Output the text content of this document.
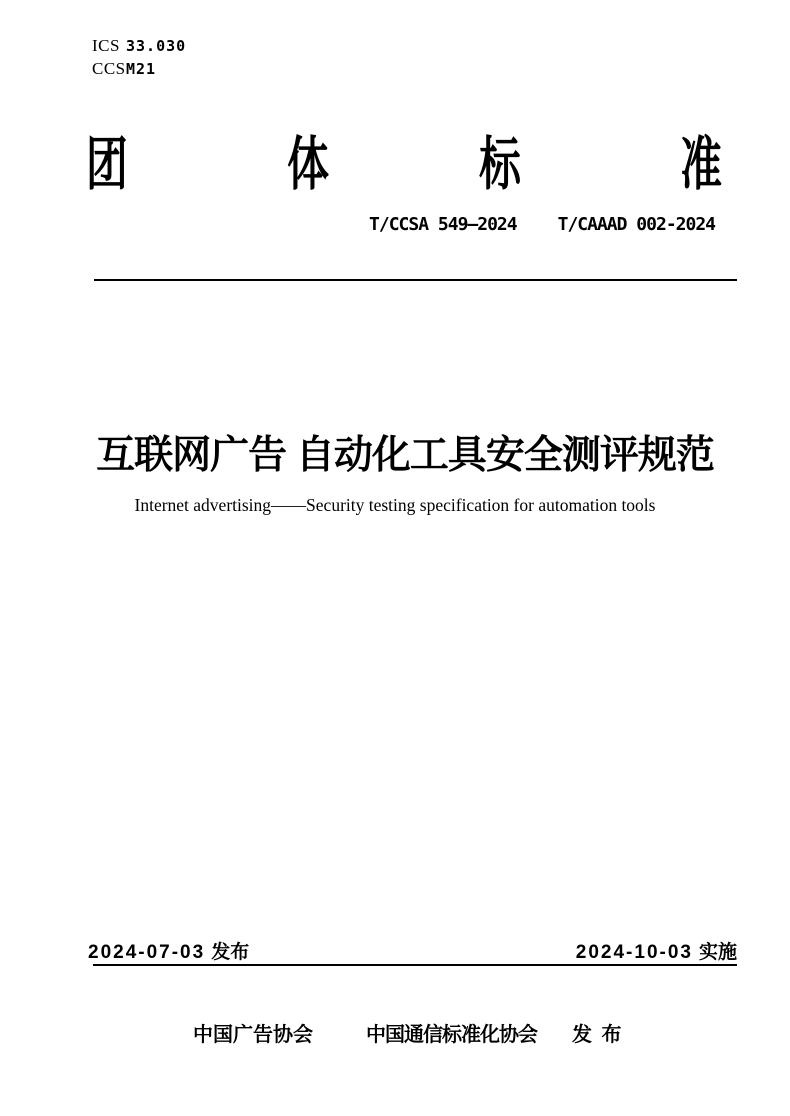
ICS 33.030
CCS M21
团	体	标	准
T/CCSA 549—2024 T/CAAAD 002-2024
互联网广告 自动化工具安全测评规范
Internet advertising——Security testing specification for automation tools
2024-07-03 发布	2024-10-03 实施
中国广告协会	中国通信标准化协会 发 布
